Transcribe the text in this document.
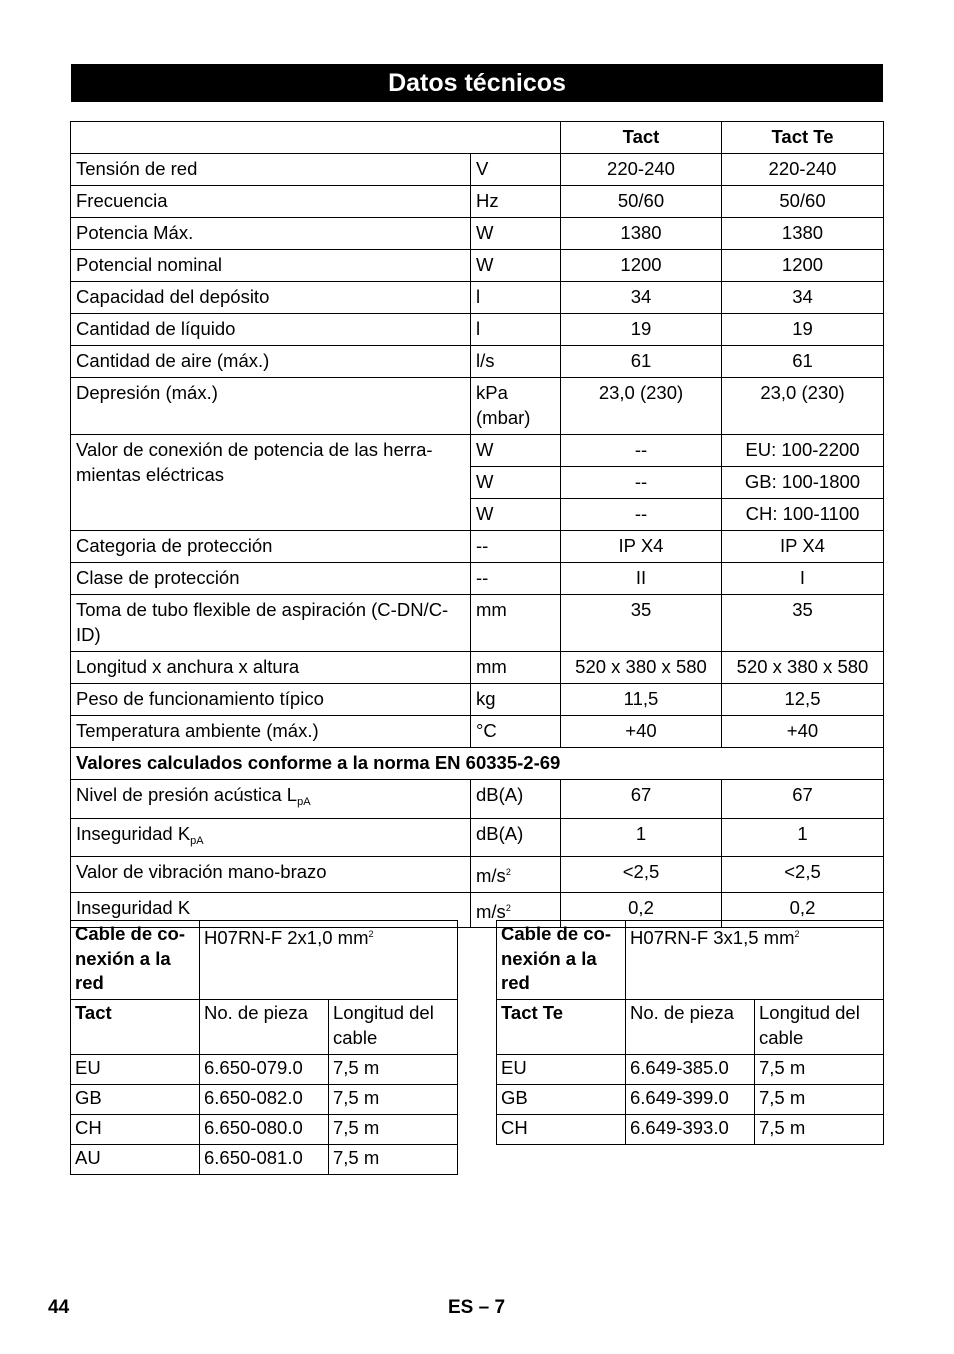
Datos técnicos
		Tact	Tact Te
Tensión de red	V	220-240	220-240
Frecuencia	Hz	50/60	50/60
Potencia Máx.	W	1380	1380
Potencial nominal	W	1200	1200
Capacidad del depósito	l	34	34
Cantidad de líquido	l	19	19
Cantidad de aire (máx.)	l/s	61	61
Depresión (máx.)	kPa (mbar)	23,0 (230)	23,0 (230)
Valor de conexión de potencia de las herra-mientas eléctricas	W	--	EU: 100-2200
	W	--	GB: 100-1800
	W	--	CH: 100-1100
Categoria de protección	--	IP X4	IP X4
Clase de protección	--	II	I
Toma de tubo flexible de aspiración (C-DN/C-ID)	mm	35	35
Longitud x anchura x altura	mm	520 x 380 x 580	520 x 380 x 580
Peso de funcionamiento típico	kg	11,5	12,5
Temperatura ambiente (máx.)	°C	+40	+40
Valores calculados conforme a la norma EN 60335-2-69			
Nivel de presión acústica $L_{pA}$	dB(A)	67	67
Inseguridad $K_{pA}$	dB(A)	1	1
Valor de vibración mano-brazo	$m/s^2$	<2,5	<2,5
Inseguridad K	$m/s^2$	0,2	0,2
Cable de co-nexión a la red	H07RN-F 2x1,0 $mm^2$
Tact	No. de pieza	Longitud del cable
EU	6.650-079.0	7,5 m
GB	6.650-082.0	7,5 m
CH	6.650-080.0	7,5 m
AU	6.650-081.0	7,5 m
Cable de co-nexión a la red	H07RN-F 3x1,5 $mm^2$
Tact Te	No. de pieza	Longitud del cable
EU	6.649-385.0	7,5 m
GB	6.649-399.0	7,5 m
CH	6.649-393.0	7,5 m
44	ES – 7
